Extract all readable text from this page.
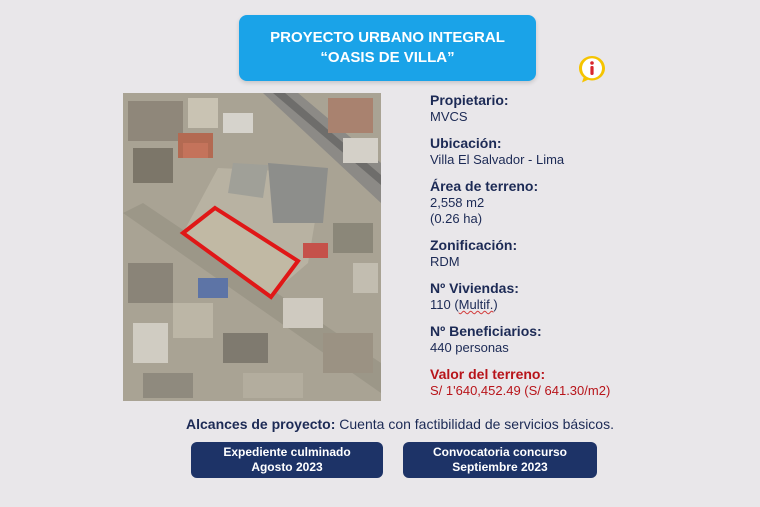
PROYECTO URBANO INTEGRAL
“OASIS DE VILLA”
Propietario:
MVCS
Ubicación:
Villa El Salvador - Lima
Área de terreno:
2,558 m2
(0.26 ha)
Zonificación:
RDM
Nº Viviendas:
110 (Multif.)
Nº Beneficiarios:
440 personas
Valor del terreno:
S/ 1'640,452.49 (S/ 641.30/m2)
Alcances de proyecto: Cuenta con factibilidad de servicios básicos.
Expediente culminado
Agosto 2023
Convocatoria concurso
Septiembre 2023
